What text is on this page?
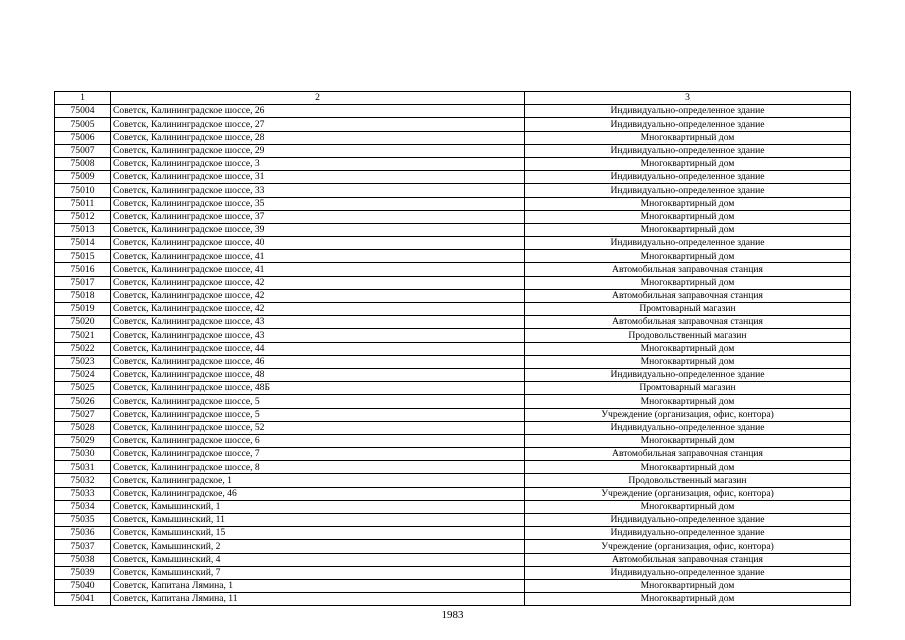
1	2	3
75004	Советск, Калининградское шоссе, 26	Индивидуально-определенное здание
75005	Советск, Калининградское шоссе, 27	Индивидуально-определенное здание
75006	Советск, Калининградское шоссе, 28	Многоквартирный дом
75007	Советск, Калининградское шоссе, 29	Индивидуально-определенное здание
75008	Советск, Калининградское шоссе, 3	Многоквартирный дом
75009	Советск, Калининградское шоссе, 31	Индивидуально-определенное здание
75010	Советск, Калининградское шоссе, 33	Индивидуально-определенное здание
75011	Советск, Калининградское шоссе, 35	Многоквартирный дом
75012	Советск, Калининградское шоссе, 37	Многоквартирный дом
75013	Советск, Калининградское шоссе, 39	Многоквартирный дом
75014	Советск, Калининградское шоссе, 40	Индивидуально-определенное здание
75015	Советск, Калининградское шоссе, 41	Многоквартирный дом
75016	Советск, Калининградское шоссе, 41	Автомобильная заправочная станция
75017	Советск, Калининградское шоссе, 42	Многоквартирный дом
75018	Советск, Калининградское шоссе, 42	Автомобильная заправочная станция
75019	Советск, Калининградское шоссе, 42	Промтоварный магазин
75020	Советск, Калининградское шоссе, 43	Автомобильная заправочная станция
75021	Советск, Калининградское шоссе, 43	Продовольственный магазин
75022	Советск, Калининградское шоссе, 44	Многоквартирный дом
75023	Советск, Калининградское шоссе, 46	Многоквартирный дом
75024	Советск, Калининградское шоссе, 48	Индивидуально-определенное здание
75025	Советск, Калининградское шоссе, 48Б	Промтоварный магазин
75026	Советск, Калининградское шоссе, 5	Многоквартирный дом
75027	Советск, Калининградское шоссе, 5	Учреждение (организация, офис, контора)
75028	Советск, Калининградское шоссе, 52	Индивидуально-определенное здание
75029	Советск, Калининградское шоссе, 6	Многоквартирный дом
75030	Советск, Калининградское шоссе, 7	Автомобильная заправочная станция
75031	Советск, Калининградское шоссе, 8	Многоквартирный дом
75032	Советск, Калининградское, 1	Продовольственный магазин
75033	Советск, Калининградское, 46	Учреждение (организация, офис, контора)
75034	Советск, Камышинский, 1	Многоквартирный дом
75035	Советск, Камышинский, 11	Индивидуально-определенное здание
75036	Советск, Камышинский, 15	Индивидуально-определенное здание
75037	Советск, Камышинский, 2	Учреждение (организация, офис, контора)
75038	Советск, Камышинский, 4	Автомобильная заправочная станция
75039	Советск, Камышинский, 7	Индивидуально-определенное здание
75040	Советск, Капитана Лямина, 1	Многоквартирный дом
75041	Советск, Капитана Лямина, 11	Многоквартирный дом
1983
